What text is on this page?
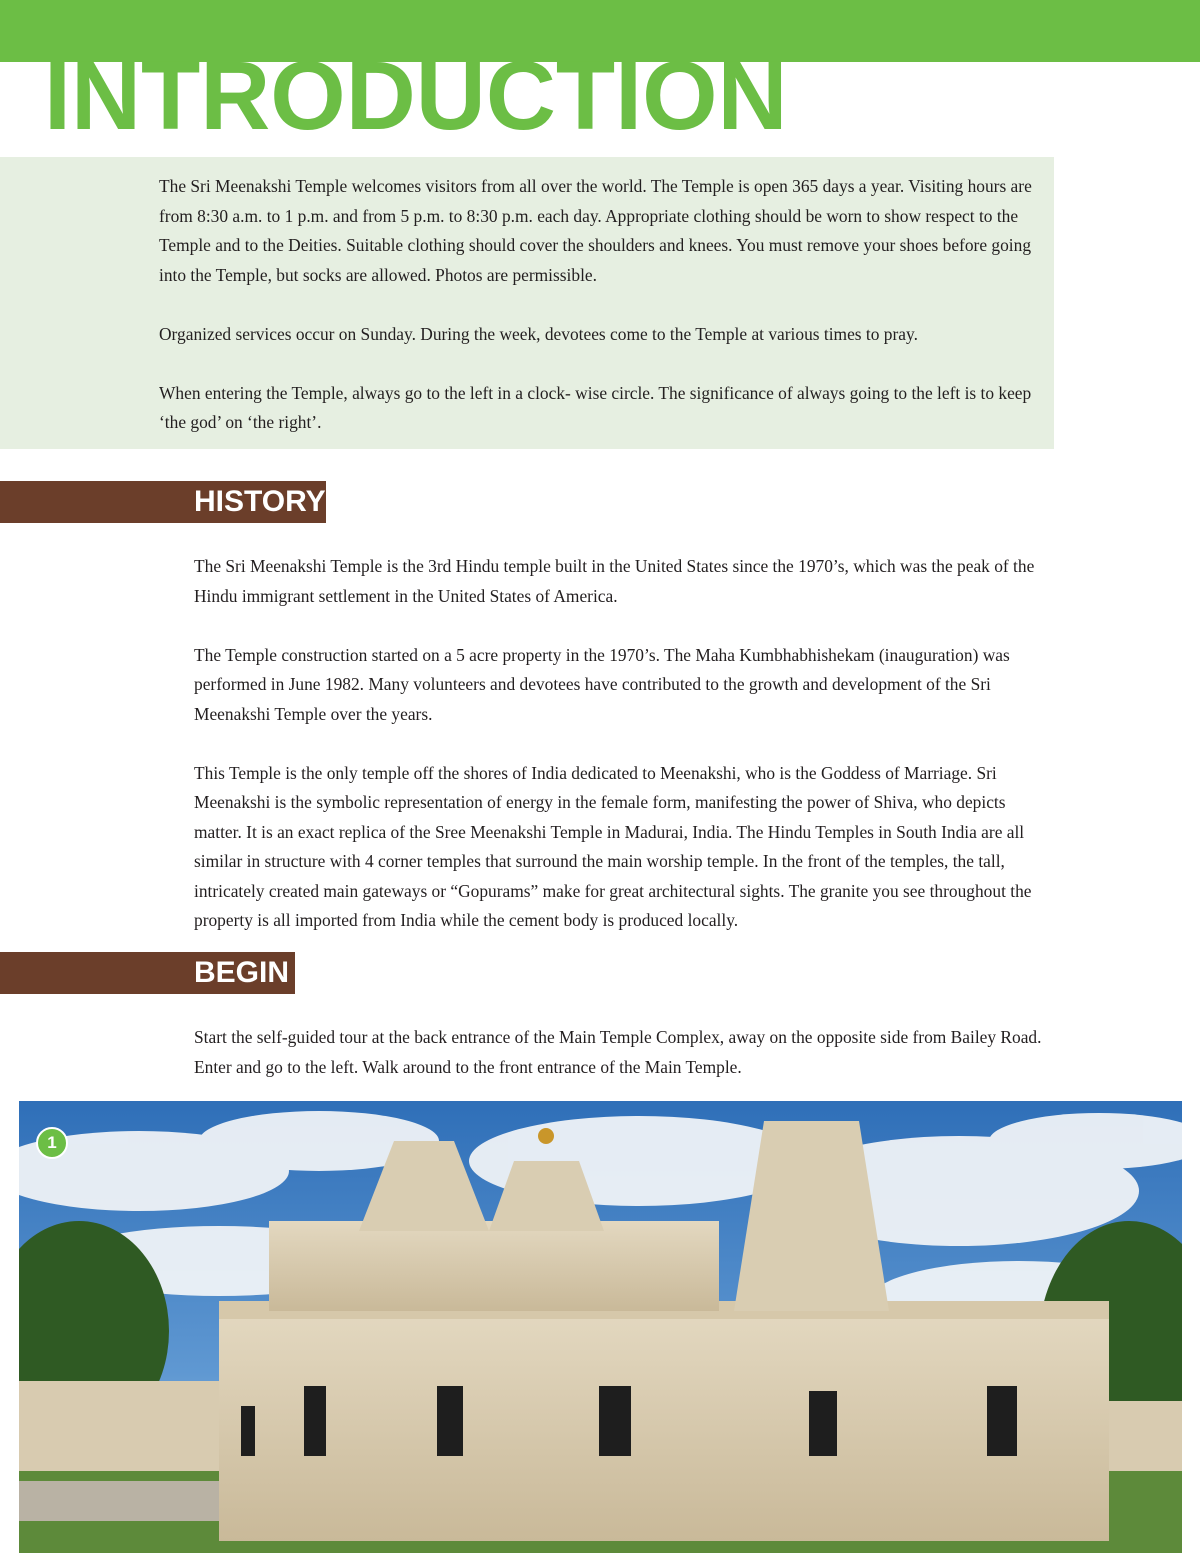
INTRODUCTION

The Sri Meenakshi Temple welcomes visitors from all over the world. The Temple is open 365 days a year. Visiting hours are from 8:30 a.m. to 1 p.m. and from 5 p.m. to 8:30 p.m. each day. Appropriate clothing should be worn to show respect to the Temple and to the Deities. Suitable clothing should cover the shoulders and knees. You must remove your shoes before going into the Temple, but socks are allowed. Photos are permissible.

Organized services occur on Sunday. During the week, devotees come to the Temple at various times to pray.

When entering the Temple, always go to the left in a clock- wise circle. The significance of always going to the left is to keep ‘the god’ on ‘the right’.

HISTORY

The Sri Meenakshi Temple is the 3rd Hindu temple built in the United States since the 1970’s, which was the peak of the Hindu immigrant settlement in the United States of America.

The Temple construction started on a 5 acre property in the 1970’s. The Maha Kumbhabhishekam (inauguration) was performed in June 1982. Many volunteers and devotees have contributed to the growth and development of the Sri Meenakshi Temple over the years.

This Temple is the only temple off the shores of India dedicated to Meenakshi, who is the Goddess of Marriage. Sri Meenakshi is the symbolic representation of energy in the female form, manifesting the power of Shiva, who depicts matter. It is an exact replica of the Sree Meenakshi Temple in Madurai, India. The Hindu Temples in South India are all similar in structure with 4 corner temples that surround the main worship temple. In the front of the temples, the tall, intricately created main gateways or “Gopurams” make for great architectural sights. The granite you see throughout the property is all imported from India while the cement body is produced locally.

BEGIN

Start the self-guided tour at the back entrance of the Main Temple Complex, away on the opposite side from Bailey Road. Enter and go to the left. Walk around to the front entrance of the Main Temple.

1
